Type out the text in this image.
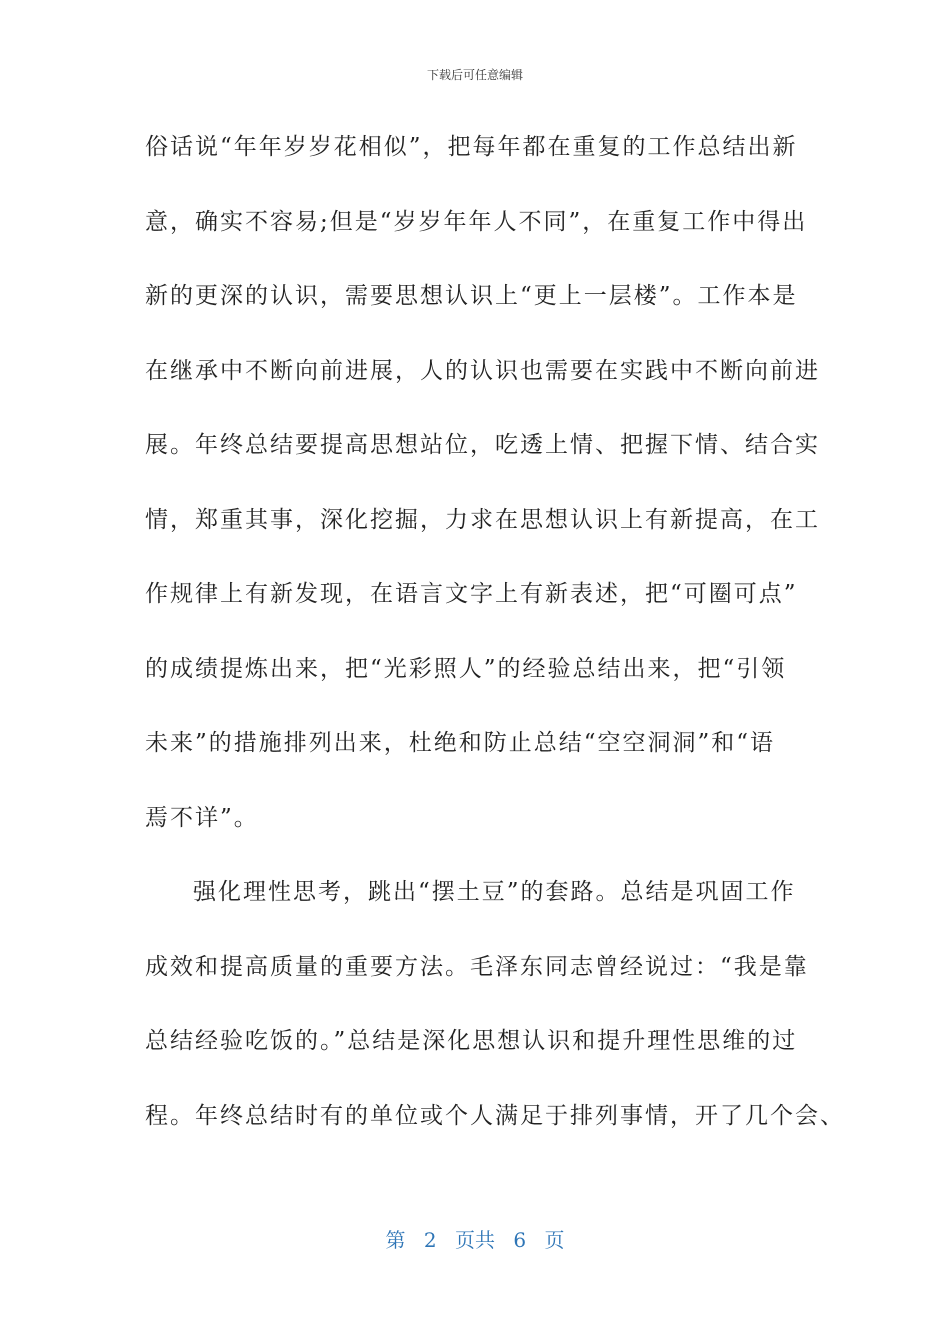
下载后可任意编辑
俗话说“年年岁岁花相似”，把每年都在重复的工作总结出新
意，确实不容易;但是“岁岁年年人不同”，在重复工作中得出
新的更深的认识，需要思想认识上“更上一层楼”。工作本是
在继承中不断向前进展，人的认识也需要在实践中不断向前进
展。年终总结要提高思想站位，吃透上情、把握下情、结合实
情，郑重其事，深化挖掘，力求在思想认识上有新提高，在工
作规律上有新发现，在语言文字上有新表述，把“可圈可点”
的成绩提炼出来，把“光彩照人”的经验总结出来，把“引领
未来”的措施排列出来，杜绝和防止总结“空空洞洞”和“语
焉不详”。
强化理性思考，跳出“摆土豆”的套路。总结是巩固工作
成效和提高质量的重要方法。毛泽东同志曾经说过：“我是靠
总结经验吃饭的。”总结是深化思想认识和提升理性思维的过
程。年终总结时有的单位或个人满足于排列事情，开了几个会、
第 2 页共 6 页
